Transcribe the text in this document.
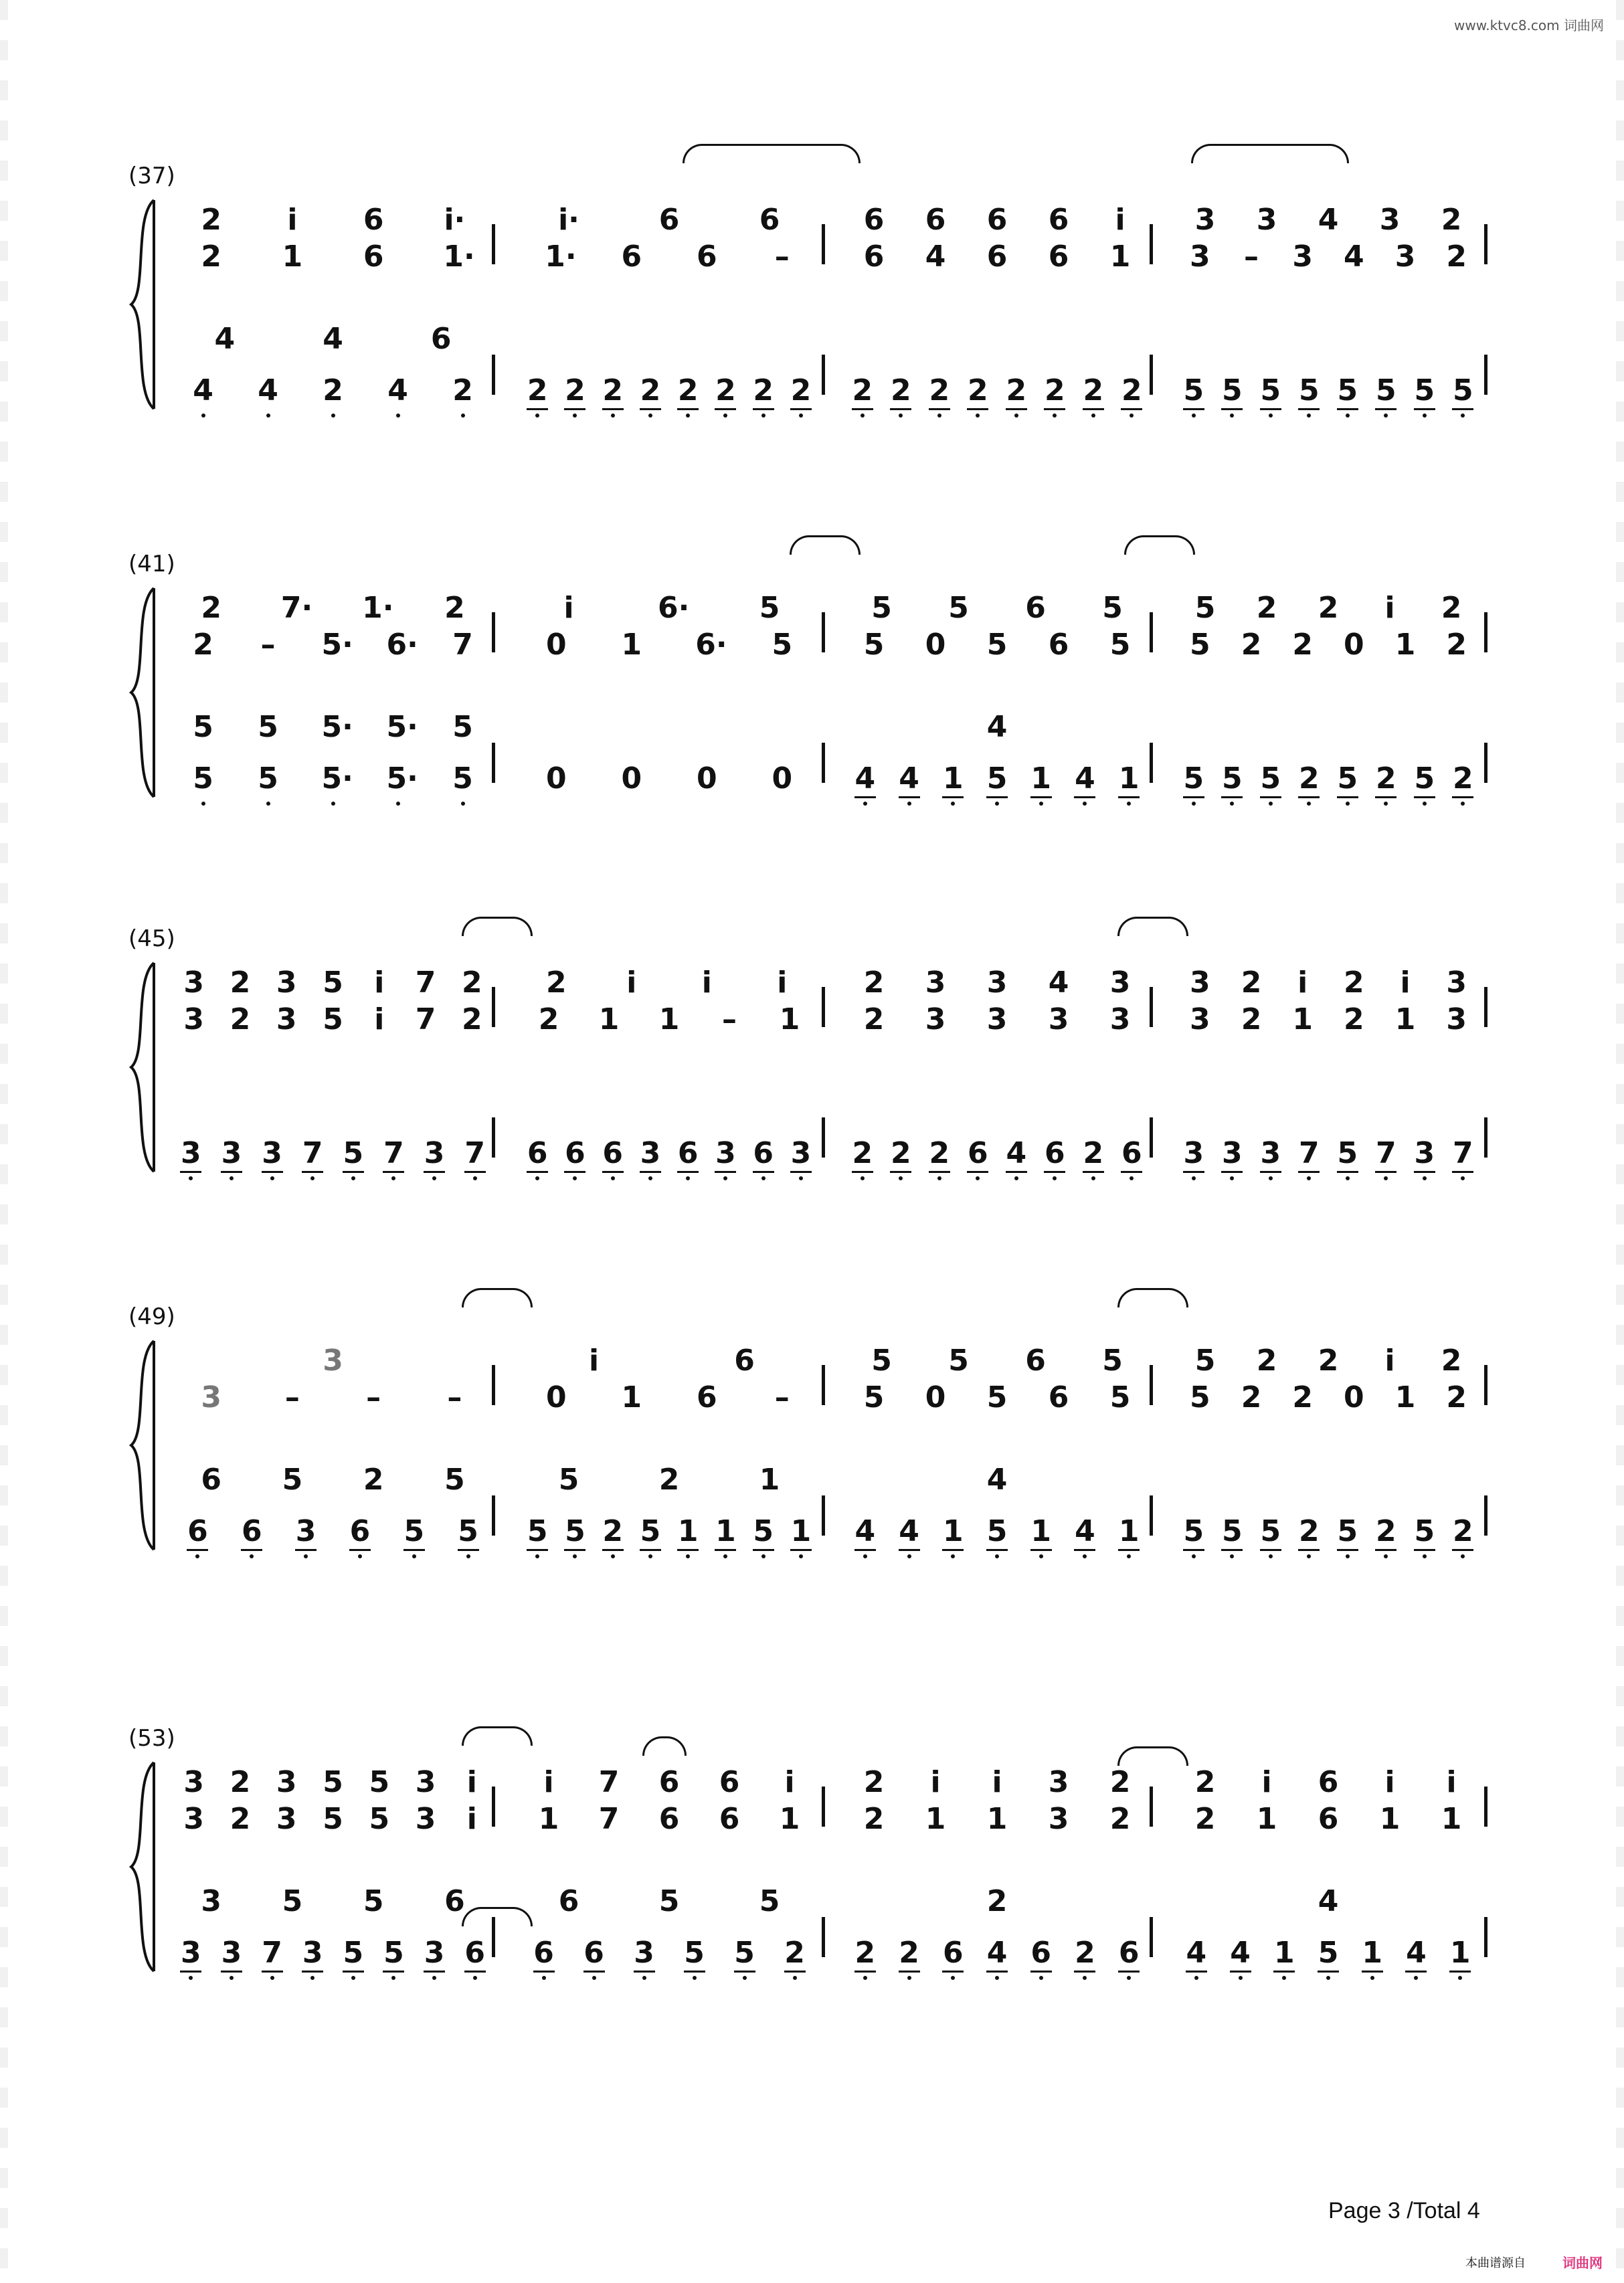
www.ktvc8.com 词曲网
(37)
2 i 6 i·	i·	6	6	6 6 6 6 i 3 3 4 3 2
2 1 6 1· 1· 6 6 –	6 4 6 6 1 3 – 3 4 3 2
4	4	6
4 4 2 4 2 2 2 2 2 2 2 2 2 2 2 2 2 2 2 2 2 5 5 5 5 5 5 5 5
(41)
2 7· 1· 2	i	6· 5	5 5 6 5 5 2 2 i 2
2 – 5· 6· 7 0 1 6· 5 5 0 5 6 5 5 2 2 0 1 2
5 5 5· 5· 5	4
5 5 5· 5· 5 0 0 0 0 4 4 1 5 1 4 1 5 5 5 2 5 2 5 2
(45)
3 2 3 5 i 7 2 2 i i i	2 3 3 4 3 3 2 i 2 i 3
3 2 3 5 i 7 2 2 1 1 – 1 2 3 3 3 3 3 2 1 2 1 3
3 3 3 7 5 7 3 7 6 6 6 3 6 3 6 3 2 2 2 6 4 6 2 6 3 3 3 7 5 7 3 7
(49)
3	i	6	5 5 6 5 5 2 2 i 2
3 – – –	0 1 6 –	5 0 5 6 5 5 2 2 0 1 2
6 5 2 5	5	2	1	4
6 6 3 6 5 5 5 5 2 5 1 1 5 1 4 4 1 5 1 4 1 5 5 5 2 5 2 5 2
(53)
3 2 3 5 5 3 i i 7 6 6 i 2 i i 3 2 2 i 6 i i
3 2 3 5 5 3 i 1 7 6 6 1 2 1 1 3 2 2 1 6 1 1
3 5 5 6	6	5	5	2	4
3 3 7 3 5 5 3 6 6 6 3 5 5 2 2 2 6 4 6 2 6 4 4 1 5 1 4 1
Page 3 /Total 4
本曲谱源自	词曲网
